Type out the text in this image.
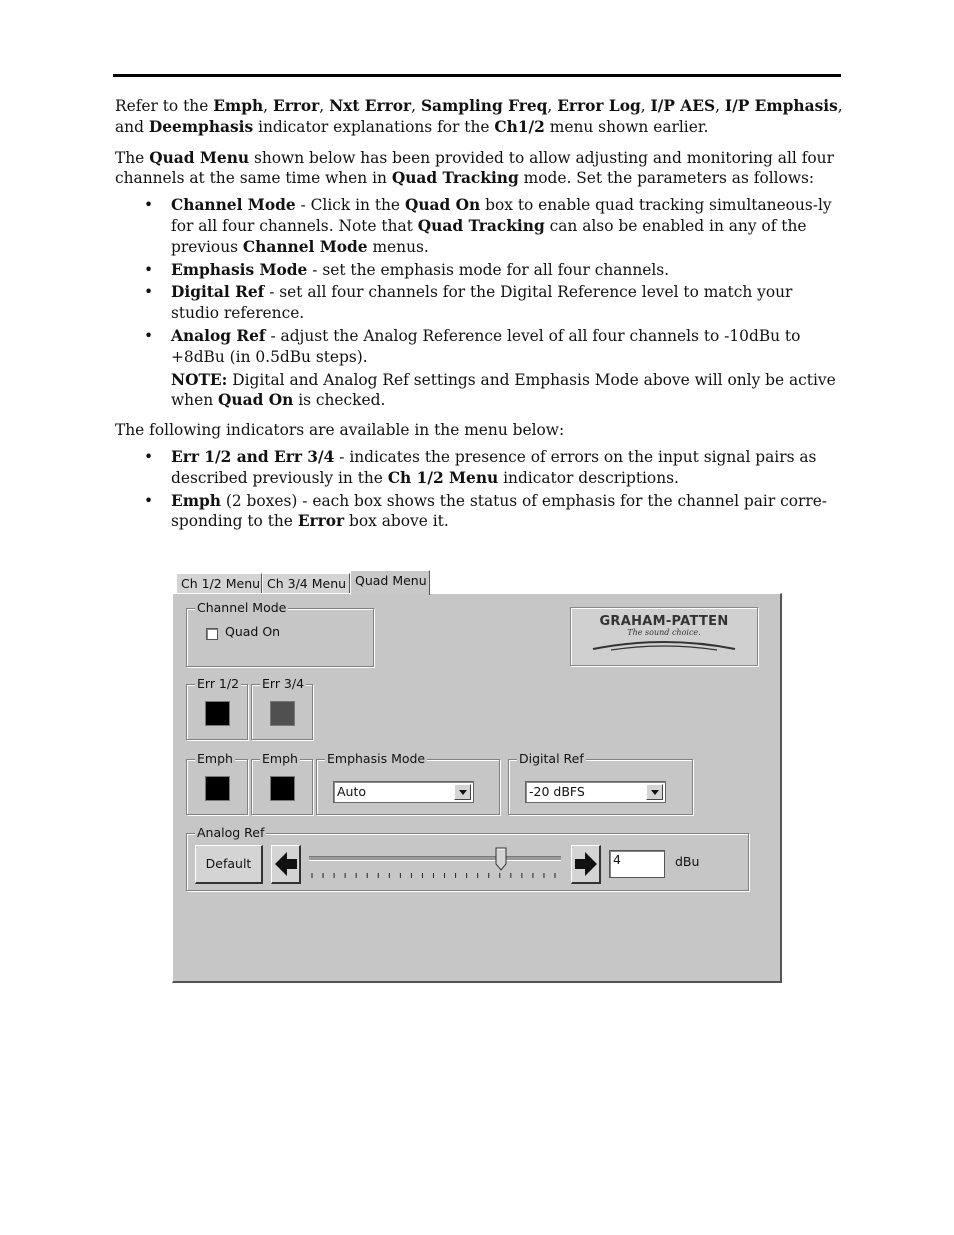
Refer to the Emph, Error, Nxt Error, Sampling Freq, Error Log, I/P AES, I/P Emphasis, and Deemphasis indicator explanations for the Ch1/2 menu shown earlier.

The Quad Menu shown below has been provided to allow adjusting and monitoring all four channels at the same time when in Quad Tracking mode. Set the parameters as follows:

• Channel Mode - Click in the Quad On box to enable quad tracking simultaneous-ly for all four channels. Note that Quad Tracking can also be enabled in any of the previous Channel Mode menus.
• Emphasis Mode - set the emphasis mode for all four channels.
• Digital Ref - set all four channels for the Digital Reference level to match your studio reference.
• Analog Ref - adjust the Analog Reference level of all four channels to -10dBu to +8dBu (in 0.5dBu steps).
NOTE: Digital and Analog Ref settings and Emphasis Mode above will only be active when Quad On is checked.

The following indicators are available in the menu below:

• Err 1/2 and Err 3/4 - indicates the presence of errors on the input signal pairs as described previously in the Ch 1/2 Menu indicator descriptions.
• Emph (2 boxes) - each box shows the status of emphasis for the channel pair corre-sponding to the Error box above it.
Ch 1/2 Menu Ch 3/4 Menu Quad Menu
Channel Mode
Quad On
GRAHAM-PATTEN
The sound choice.
Err 1/2 Err 3/4
Emph Emph Emphasis Mode
Auto
Digital Ref
-20 dBFS
Analog Ref
Default	4	dBu
